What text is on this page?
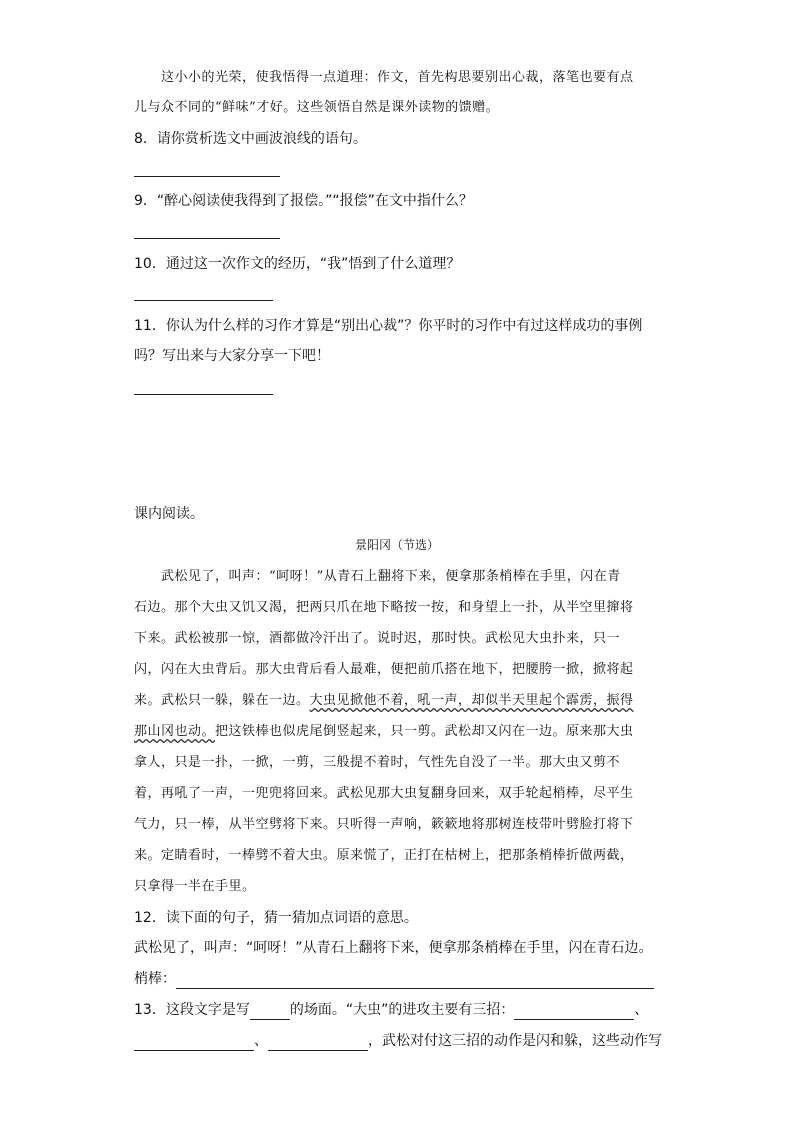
这小小的光荣，使我悟得一点道理：作文，首先构思要别出心裁，落笔也要有点
儿与众不同的“鲜味”才好。这些领悟自然是课外读物的馈赠。
8．请你赏析选文中画波浪线的语句。
9．“醉心阅读使我得到了报偿。”“报偿”在文中指什么？
10．通过这一次作文的经历，“我”悟到了什么道理？
11．你认为什么样的习作才算是“别出心裁”？你平时的习作中有过这样成功的事例
吗？写出来与大家分享一下吧！
课内阅读。
景阳冈（节选）
武松见了，叫声：“呵呀！”从青石上翻将下来，便拿那条梢棒在手里，闪在青
石边。那个大虫又饥又渴，把两只爪在地下略按一按，和身望上一扑，从半空里撺将
下来。武松被那一惊，酒都做冷汗出了。说时迟，那时快。武松见大虫扑来，只一
闪，闪在大虫背后。那大虫背后看人最难，便把前爪搭在地下，把腰胯一掀，掀将起
来。武松只一躲，躲在一边。大虫见掀他不着，吼一声，却似半天里起个霹雳，振得
那山冈也动。把这铁棒也似虎尾倒竖起来，只一剪。武松却又闪在一边。原来那大虫
拿人，只是一扑，一掀，一剪，三般提不着时，气性先自没了一半。那大虫又剪不
着，再吼了一声，一兜兜将回来。武松见那大虫复翻身回来，双手轮起梢棒，尽平生
气力，只一棒，从半空劈将下来。只听得一声响，簌簌地将那树连枝带叶劈脸打将下
来。定睛看时，一棒劈不着大虫。原来慌了，正打在枯树上，把那条梢棒折做两截，
只拿得一半在手里。
12．读下面的句子，猜一猜加点词语的意思。
武松见了，叫声：“呵呀！”从青石上翻将下来，便拿那条梢棒在手里，闪在青石边。
梢棒：
13．这段文字是写	的场面。“大虫”的进攻主要有三招：	、
、	，武松对付这三招的动作是闪和躲，这些动作写
